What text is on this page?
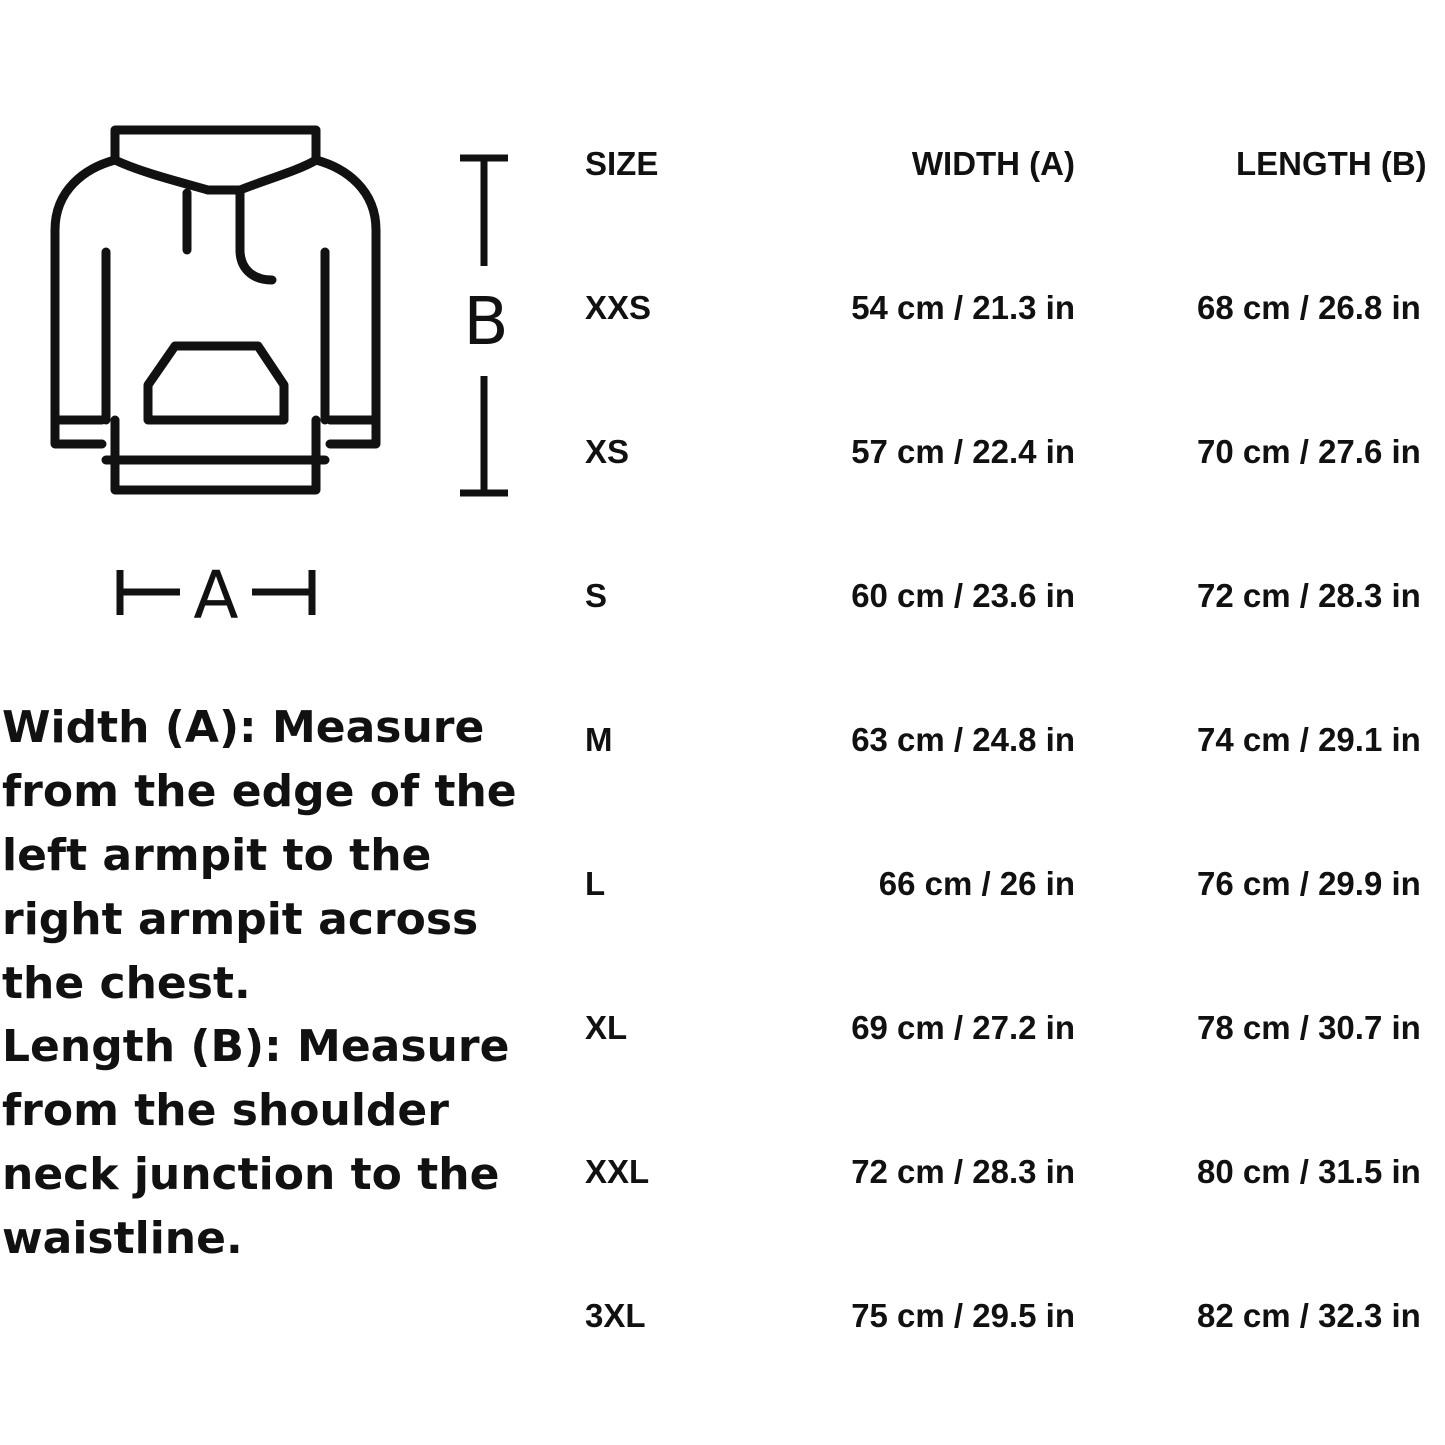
B
A
Width (A): Measure from the edge of the left armpit to the right armpit across the chest.
Length (B): Measure from the shoulder neck junction to the waistline.
SIZE	WIDTH (A)	LENGTH (B)
XXS	54 cm / 21.3 in	68 cm / 26.8 in
XS	57 cm / 22.4 in	70 cm / 27.6 in
S	60 cm / 23.6 in	72 cm / 28.3 in
M	63 cm / 24.8 in	74 cm / 29.1 in
L	66 cm / 26 in	76 cm / 29.9 in
XL	69 cm / 27.2 in	78 cm / 30.7 in
XXL	72 cm / 28.3 in	80 cm / 31.5 in
3XL	75 cm / 29.5 in	82 cm / 32.3 in
